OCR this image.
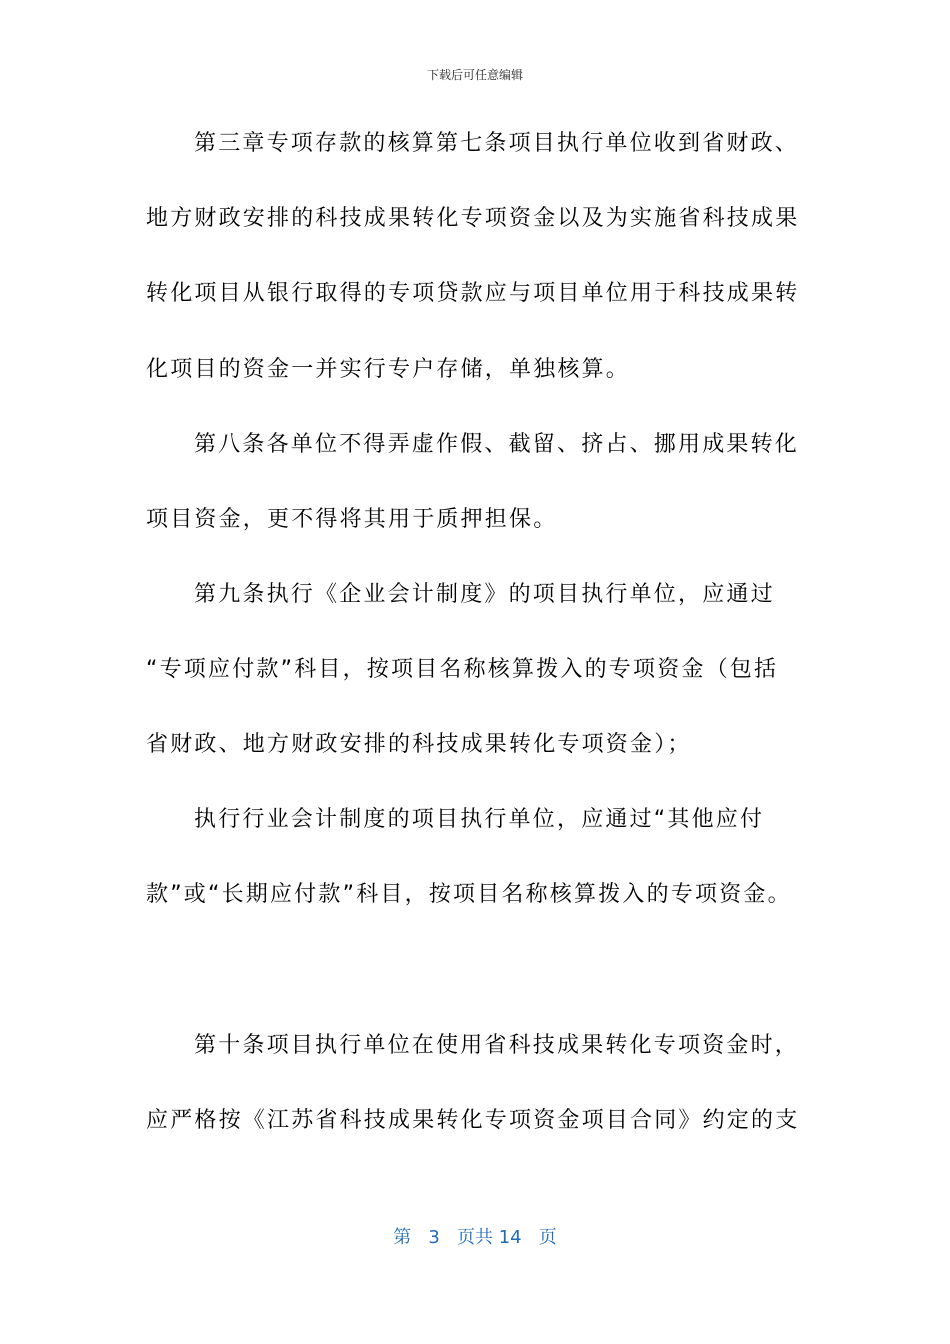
下载后可任意编辑
第三章专项存款的核算第七条项目执行单位收到省财政、
地方财政安排的科技成果转化专项资金以及为实施省科技成果
转化项目从银行取得的专项贷款应与项目单位用于科技成果转
化项目的资金一并实行专户存储，单独核算。
第八条各单位不得弄虚作假、截留、挤占、挪用成果转化
项目资金，更不得将其用于质押担保。
第九条执行《企业会计制度》的项目执行单位，应通过
“专项应付款”科目，按项目名称核算拨入的专项资金（包括
省财政、地方财政安排的科技成果转化专项资金）；
执行行业会计制度的项目执行单位，应通过“其他应付
款”或“长期应付款”科目，按项目名称核算拨入的专项资金。
第十条项目执行单位在使用省科技成果转化专项资金时，
应严格按《江苏省科技成果转化专项资金项目合同》约定的支
第 3 页共 14 页
